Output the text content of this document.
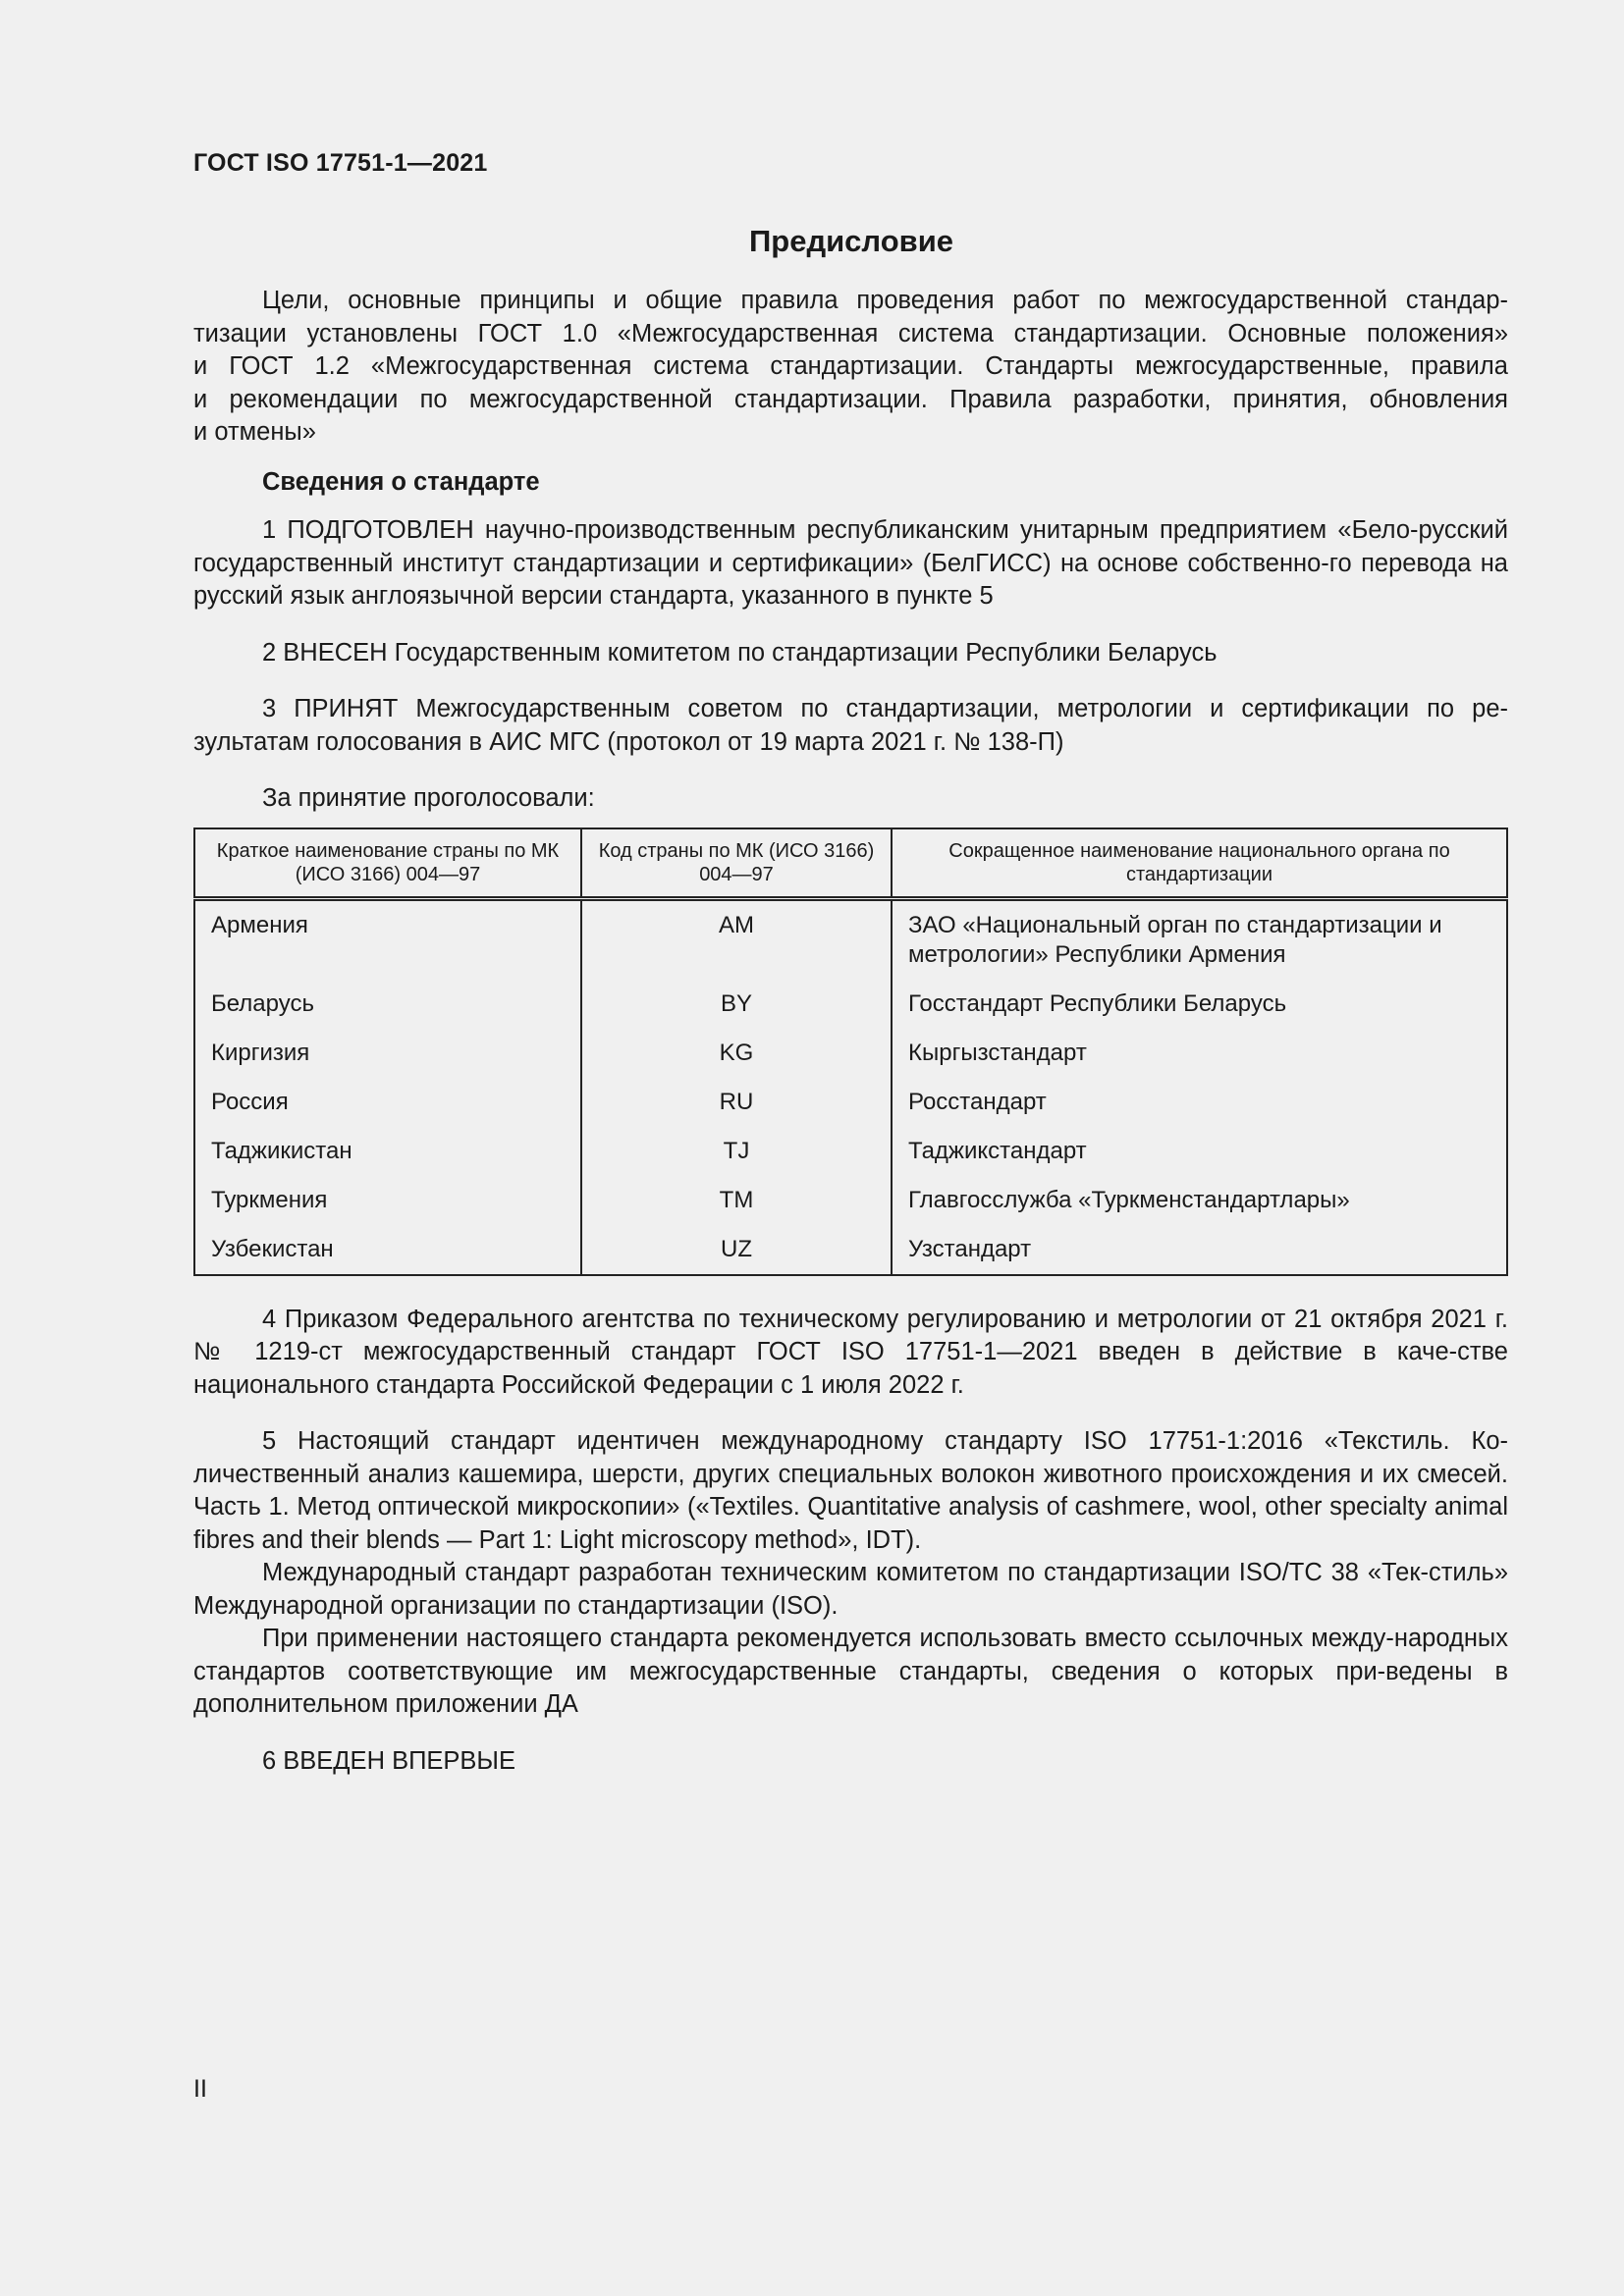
ГОСТ ISO 17751-1—2021
Предисловие
Цели, основные принципы и общие правила проведения работ по межгосударственной стандар-
тизации установлены ГОСТ 1.0 «Межгосударственная система стандартизации. Основные положения»
и ГОСТ 1.2 «Межгосударственная система стандартизации. Стандарты межгосударственные, правила
и рекомендации по межгосударственной стандартизации. Правила разработки, принятия, обновления
и отмены»

Сведения о стандарте

1 ПОДГОТОВЛЕН научно-производственным республиканским унитарным предприятием «Бело-русский государственный институт стандартизации и сертификации» (БелГИСС) на основе собственно-го перевода на русский язык англоязычной версии стандарта, указанного в пункте 5

2 ВНЕСЕН Государственным комитетом по стандартизации Республики Беларусь

3 ПРИНЯТ Межгосударственным советом по стандартизации, метрологии и сертификации по ре-зультатам голосования в АИС МГС (протокол от 19 марта 2021 г. № 138-П)

За принятие проголосовали:

Краткое наименование страны по МК (ИСО 3166) 004—97	Код страны по МК (ИСО 3166) 004—97	Сокращенное наименование национального органа по стандартизации

Армения	AM	ЗАО «Национальный орган по стандартизации и метрологии» Республики Армения
Беларусь	BY	Госстандарт Республики Беларусь
Киргизия	KG	Кыргызстандарт
Россия	RU	Росстандарт
Таджикистан	TJ	Таджикстандарт
Туркмения	TM	Главгосслужба «Туркменстандартлары»
Узбекистан	UZ	Узстандарт

4 Приказом Федерального агентства по техническому регулированию и метрологии от 21 октября 2021 г. № 1219-ст межгосударственный стандарт ГОСТ ISO 17751-1—2021 введен в действие в каче-стве национального стандарта Российской Федерации с 1 июля 2022 г.

5 Настоящий стандарт идентичен международному стандарту ISO 17751-1:2016 «Текстиль. Ко-личественный анализ кашемира, шерсти, других специальных волокон животного происхождения и их смесей. Часть 1. Метод оптической микроскопии» («Textiles. Quantitative analysis of cashmere, wool, other specialty animal fibres and their blends — Part 1: Light microscopy method», IDT).

Международный стандарт разработан техническим комитетом по стандартизации ISO/TC 38 «Тек-стиль» Международной организации по стандартизации (ISO).

При применении настоящего стандарта рекомендуется использовать вместо ссылочных между-народных стандартов соответствующие им межгосударственные стандарты, сведения о которых при-ведены в дополнительном приложении ДА

6 ВВЕДЕН ВПЕРВЫЕ

II
